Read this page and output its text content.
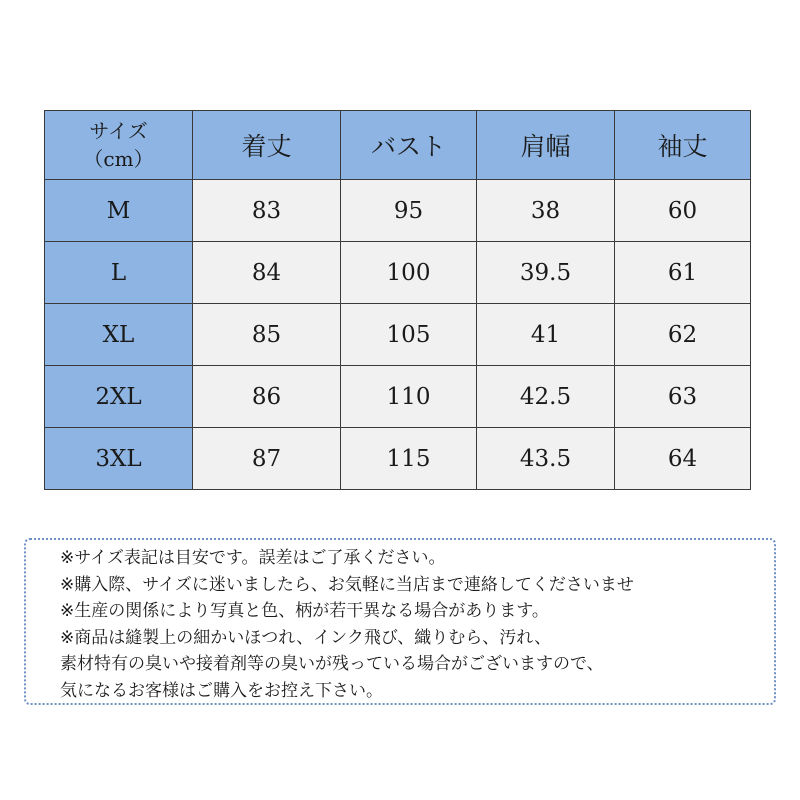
サイズ
（cm）	着丈	バスト	肩幅	袖丈
M	83	95	38	60
L	84	100	39.5	61
XL	85	105	41	62
2XL	86	110	42.5	63
3XL	87	115	43.5	64

※サイズ表記は目安です。誤差はご了承ください。

※購入際、サイズに迷いましたら、お気軽に当店まで連絡してくださいませ

※生産の関係により写真と色、柄が若干異なる場合があります。

※商品は縫製上の細かいほつれ、インク飛び、織りむら、汚れ、

素材特有の臭いや接着剤等の臭いが残っている場合がございますので、

気になるお客様はご購入をお控え下さい。
